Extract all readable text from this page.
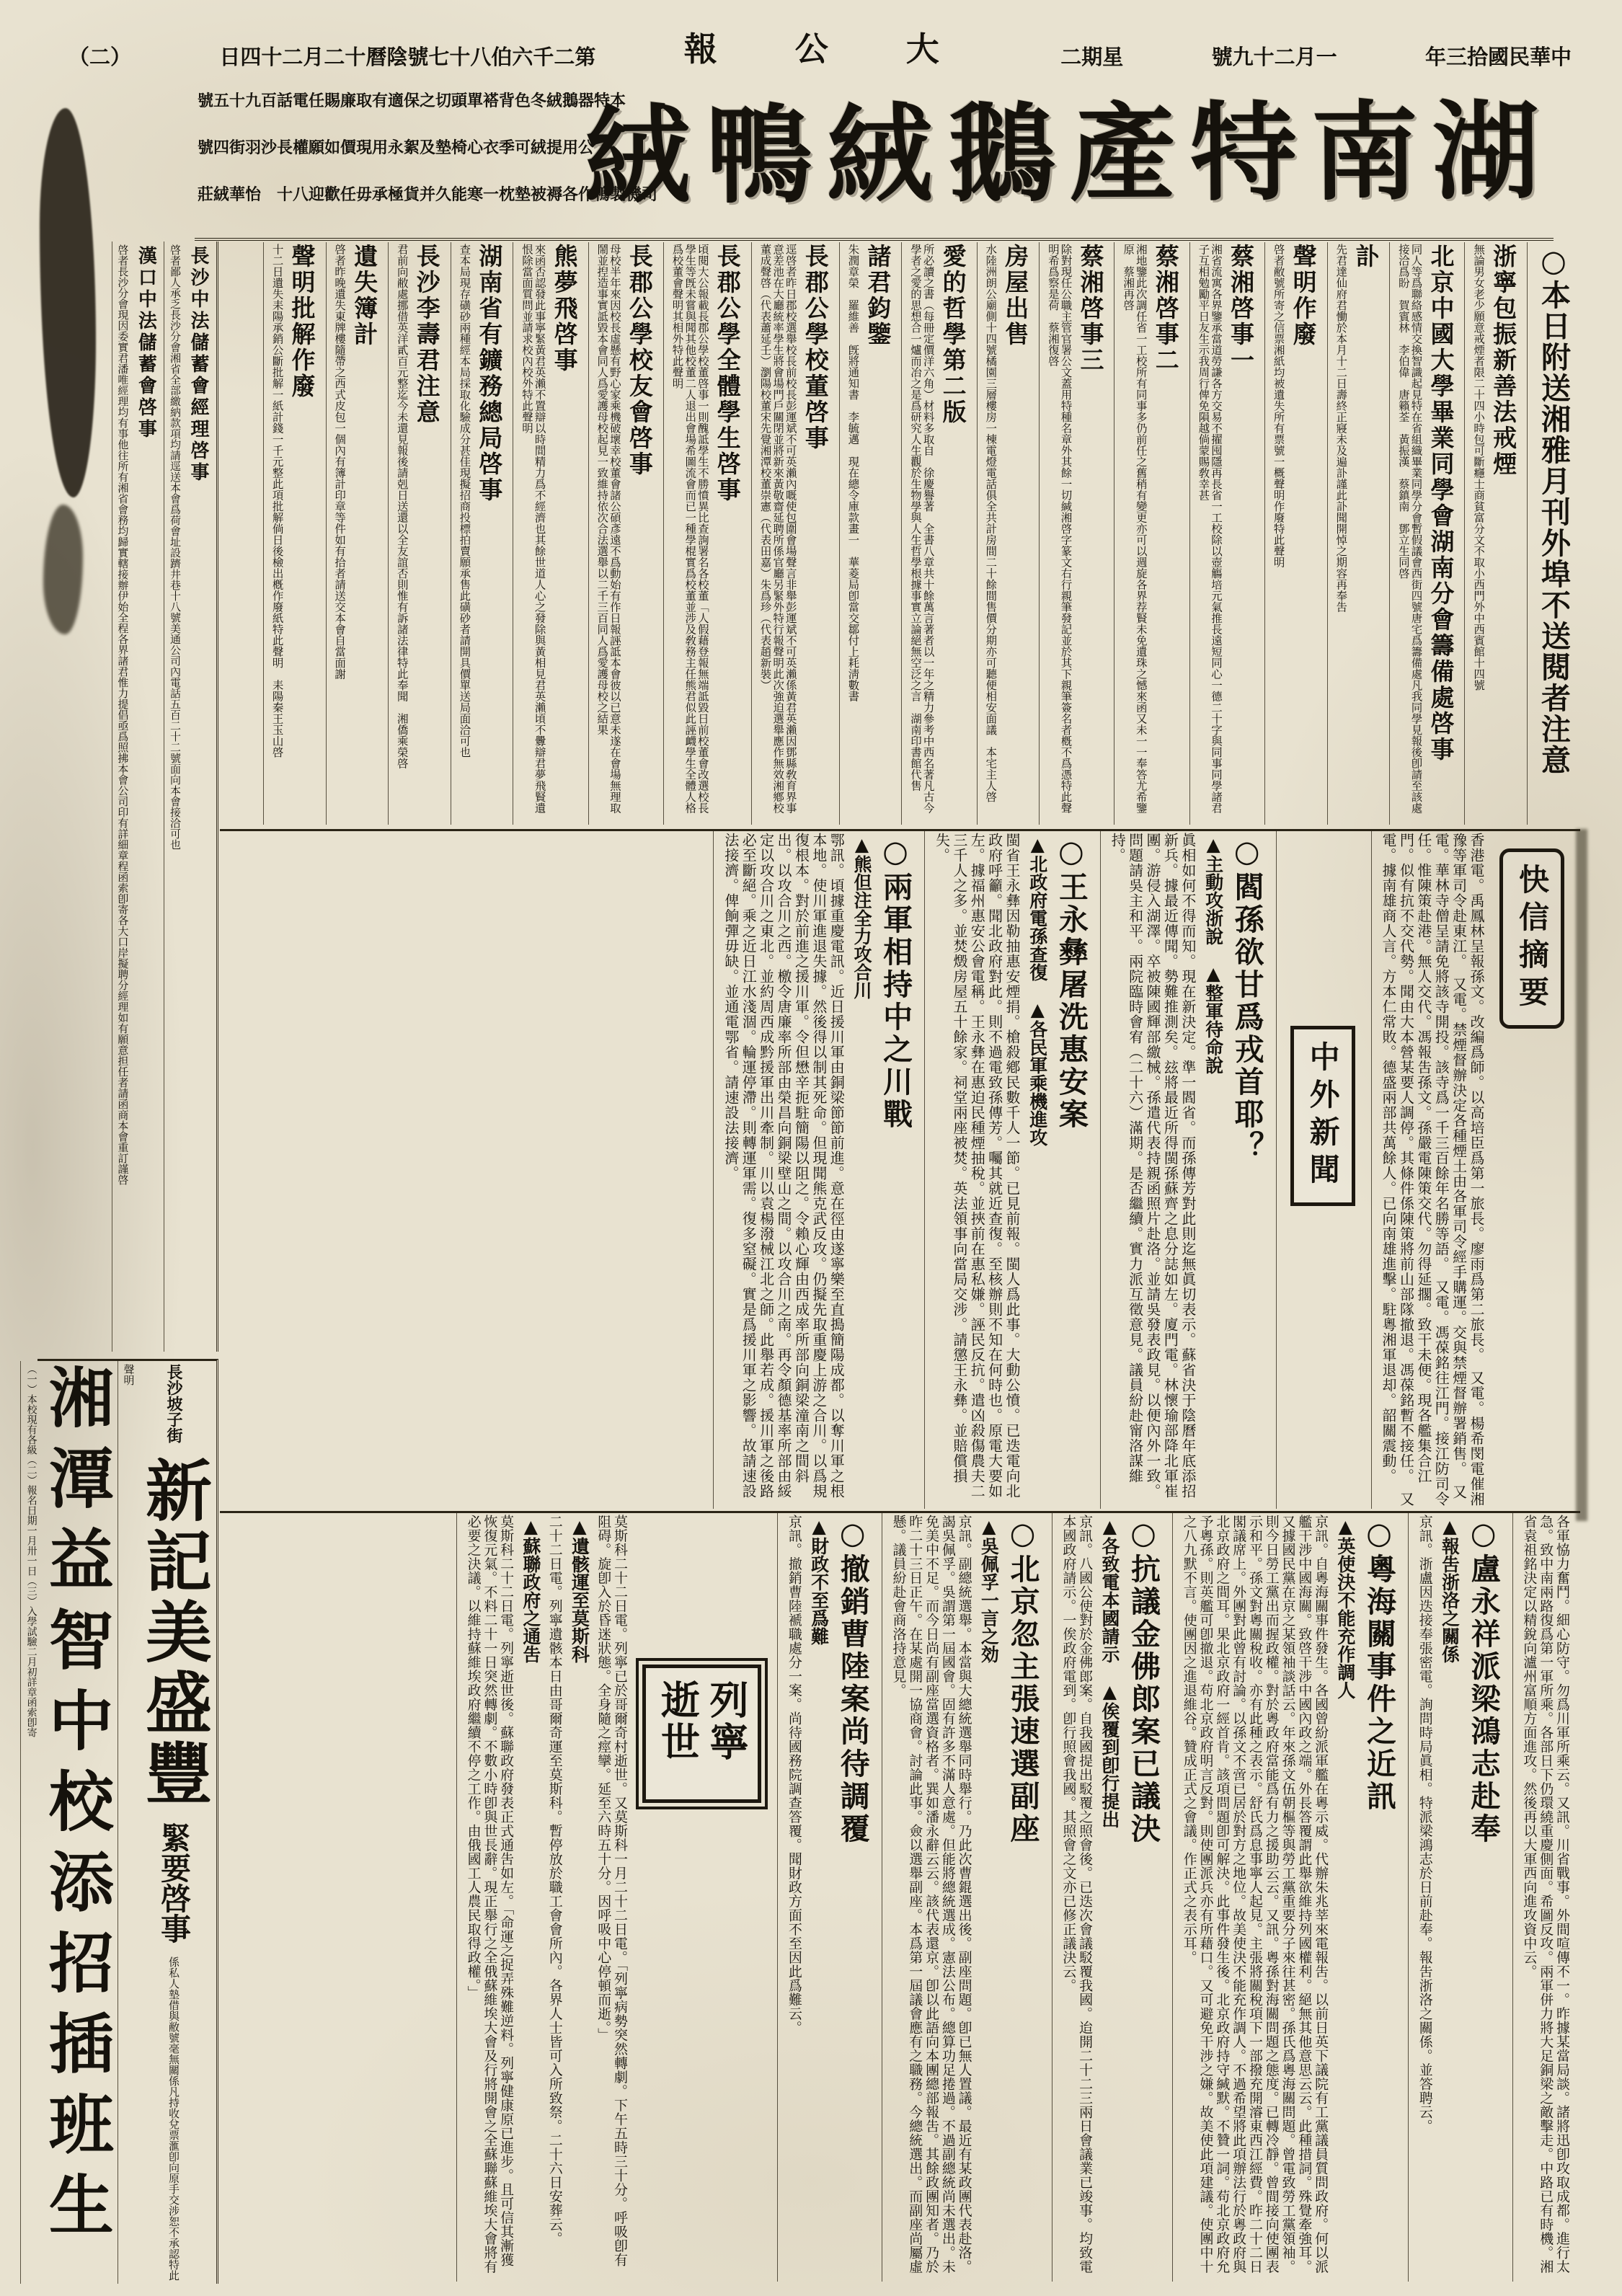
（二）	日四十二月二十曆陰號七十八伯六千二第	報 公 大	二期星	號九十二月一	年三拾國民華中
絨鴨絨鵝產特南湖
號五十九百話電任賜廉取有適保之切頭單褡背色冬絨鵝器特本
號四街羽沙長權願如價現用永絮及墊椅心衣季可絨提用公
莊絨華怡　十八迎歡任毋承極貨并久能寒一枕墊被褥各作鴨製機司
長沙中法儲蓄會經理啓事

啓者鄙人承乏長沙分會湘省全部繳納款項均請逕送本會爲荷會址設躋井巷十八號美通公司內電話五百二十二號面向本會接洽可也

漢口中法儲蓄會啓事

啓者長沙分會現因委實君潘唯經理均有事他往所有湘省會務均歸實轄接辦伊始全程各界諸君惟力提倡亟爲照拂本會公司印有詳細章程函索卽寄各大口岸擬聘分經理如有願意担任者請函商本會重訂謹啓

長沙坡子街 新記美盛豐 緊要啓事 係私人墊借與敝號毫無關係凡持收兌票滙卽向原手交涉恕不承認特此聲明

湘潭益智中校添招插班生 （一）本校現有各級（二）報名日期一月卅一日（三）入學試驗二月初詳章函索卽寄

○本日附送湘雅月刊外埠不送閱者注意
浙寧包振新善法戒煙

無論男女老少願意戒煙者限二十四小時包可斷癮士商貧富分文不取小西門外中西賓館十四號

北京中國大學畢業同學會湖南分會籌備處啓事

同人等爲聯絡感情交換智識起見特在省組織畢業同學分會暫假議會西街四號唐宅爲籌備處凡我同學見報後卽請至該處接洽爲盼　賀賓林　李伯偉　唐籟荃　黃振漢　蔡鎮南　鄧立生同啓

訃

先君達仙府君慟於本月十二日壽終正寢未及遍訃謹此訃聞開悼之期容再奉吿

聲明作廢

啓者敝號所寄之信票湘紙均被遺失所有票號一概聲明作廢特此聲明

蔡湘啓事一

湘省流寓各界鑒承當道勞謙各方交易不擢囤隱再長省一工校除以壺觴培元氣推長遠短同心一德二十字與同事同學諸君子互相勉勵平日友生示我周行俾免隕越倘蒙賜敎幸甚

蔡湘啓事二

湘地鑒此次調任省一工校所有同事多仍前任之舊稍有變更亦可以週旋各界荐賢未免遺珠之憾來函又未一一奉答尤希鑒原　蔡湘再啓

蔡湘啓事三

除對現任公職主管官署公文蓋用特種名章外其餘一切緘湘啓字篆文右行親筆發記並於其下親筆簽名者槪不爲憑特此聲明希爲察是荷　蔡湘復啓

房屋出售

水陸洲朗公廟側十四號橘園三層樓房一棟電燈電話俱全共計房間二十餘間售價分期亦可聽便相安面議　本宅主人啓

愛的哲學第二版

所必讀之書（每冊定價洋六角）材料多取自　徐慶譽著　全書八章共十餘萬言著者以一年之精力參考中西名著凡古今學者之愛的思想合一爐而冶之是爲研究人生觀於生物學與人生哲學根據事實立論絕無空泛之言　湖南印書館代售

諸君鈞鑒

朱潤章榮　羅維善　旣將通知書　李毓邁　現在總令庫款畫一　華菱局卽當交鄒付上耗淸數書

長郡公學校董啓事

逕啓者昨日郡校選舉校長前校長彭運斌不可英瀨內嘅使包圍會場聲言非舉彭運斌不可英瀨係黃君英瀨因鄧縣敎育界事意差池在大廳統率學生將會場門戶關閉並將新來黃敬齋延聘所係官廳另緊外特行報聲明此次強迫選舉應作無效湘鄕校董成聲啓（代表蕭延壬）瀏陽校董宋先覺湘潭校董崇憲（代表田嘉）朱爲珍（代表趙新裝）

長郡公學全體學生啓事

頃閱大公報載長郡公學校董啓事一則醜詆學生不勝憤異比查詢署名各校董「人假藉登報無端詆毀日前校董會改選校長學生等旣未嘗與聞其他校董二人退出會場希圖流會而已一種學棍實爲校董並涉及敎務主任熊君似此誣衊學生全體人格爲校董會聲明其相外特此聲明

長郡公學校友會啓事

母校半年來因校長虛懸有野心家乘機破壞幸校董會諸公碩彥遠不爲動始有作日報誣詆本會彼以已意未遂在會場無理取鬧並揑造事實詆毀本會同人爲愛護母校起見一致維持依次合法選舉以二千三百同人爲愛護母校之結果

熊夢飛啓事

來函否認發此事寧緊黃君英瀨不置辯以時間精力爲不經濟也其餘世道人心之發除與黃相見君英瀨頃不釁辯君夢飛賢遺恨除當面質問並請求校內校外特此聲明

湖南省有鑛務總局啓事

查本局現存磺砂兩種經本局採取化驗成分甚佳現擬招商投標拍賣願承售此磺砂者請開具價單送局面洽可也

長沙李壽君注意

君前向敝處挪借英洋貳百元整迄今未還見報後請剋日送還以全友誼否則惟有訴諸法律特此奉聞　湘僑乘榮啓

遺失簿計

啓者昨晚遺失東牌樓隨帶之西式皮包一個內有簿計印章等件如有拾者請送交本會自當面謝

聲明批解作廢

十二日遺失耒陽承銷公斷批解一紙計錢一千元整此項批解倘日後檢出槪作廢紙特此聲明　耒陽秦王玉山啓

快信摘要

香港電。禹鳳林呈報孫文。改編爲師。以高培臣爲第一旅長。廖雨爲第二旅長。　又電。楊希閔電催湘豫等軍司令赴東江。　又電。禁煙督辦決定各種煙土由各軍司令經手購運。交與禁煙督辦署銷售。　又電。華林寺僧呈請免將該寺開投。該寺爲一千三百餘年名勝等語。　又電。馮葆銘往江門。接江防司令任。惟陳策赴港。無人交代。馮報吿孫文。孫嚴電陳策交代。勿得延擱。致干未便。現各艦集合江門。似有抗不交代勢。聞由大本營某要人調停。其條件係陳策將前山部隊撤退。馮葆銘暫不接任。　又電。據南雄商人言。方本仁常敗。德盛兩部共萬餘人。已向南雄進擊。駐粵湘軍退却。韶關震動。

中外新聞
○閻孫欲甘爲戎首耶？

▲主動攻浙說　▲整軍待命說

眞相如何不得而知。現在新決定。準一閻省。而孫傳芳對此則迄無眞切表示。蘇省決于陰曆年底添招新兵。據最近傳聞。勢難推測矣。玆將最近所得閩孫蘇齊之息分誌如左。廈門電。林懷瑜部降北軍崔團。游侵入湖澤。卒被陳國輝部繳械。孫遣代表持親函照片赴洛。並請吳發表政見。以便內外一致。問題請吳主和平。兩院臨時會宥（二十六）滿期。是否繼續。實力派互徵意見。議員紛赴甯洛謀維持。

○王永彝屠洗惠安案

▲北政府電孫查復　▲各民軍乘機進攻

閩省王永彝因勒抽惠安煙捐。槍殺鄕民數千人一節。已見前報。閩人爲此事。大動公憤。已迭電向北政府呼籲。聞北政府對此。則不過電致孫傳芳。囑其就近查復。至核辦則不知在何時也。原電大要如左。據福州惠安公會電稱。王永彝在惠迫民種煙抽稅。並挾前在惠私嫌。誣民反抗。遣凶殺傷農夫二三千人之多。並焚燬房屋五十餘家。祠堂兩座被焚。英法領事向當局交涉。請懲王永彝。並賠償損失。

○兩軍相持中之川戰

▲熊但注全力攻合川

鄂訊。頃據重慶電訊。近日援川軍由銅梁節節前進。意在徑由遂寧樂至直搗簡陽成都。以奪川軍之根本地。使川軍進退失據。然後得以制其死命。但現聞熊克武反攻。仍擬先取重慶上游之合川。以爲規復根本。對於前進之援川軍。令但懋辛扼駐簡陽以阻之。令賴心輝由西成率所部向銅梁潼南之間斜出。以攻合川之西。檄令唐廉率所部由榮昌向銅梁壁山之間。以攻合川之南。再令顏德基率所部由綏定以攻合川之東北。並約周西成黔援軍出川牽制。川以袁楊潑械江北之師。此舉若成。援川軍之後路必至斷絕。乘之近日江水淺涸。輪運停滯。則轉運軍需。復多窒礙。實是爲援川軍之影響。故請速設法接濟。俾餉彈毋缺。並通電鄂省。請速設法接濟。

各軍恊力奮鬥。細心防守。勿爲川軍所乘云。又訊。川省戰事。外間喧傳不一。昨據某當局談。諸將迅卽攻取成都。進行太急。致中南兩路復爲第一軍所乘。各部日下仍環繞重慶側面。希圖反攻。兩軍併力將大足銅梁之敵擊走。中路已有時機。湘省袁祖銘決定以精銳向瀘州富順方面進攻。然後再以大軍西向進攻資中云。

○盧永祥派梁鴻志赴奉

▲報吿浙洛之關係

京訊。浙盧因迭接奉張密電。詢問時局眞相。特派梁鴻志於日前赴奉。報吿浙洛之關係。並答聘云。

○粵海關事件之近訊

▲英使決不能充作調人

京訊。自粵海關事件發生。各國曾紛派軍艦在粵示威。代辦朱兆莘來電報吿。以前日英下議院有工黨議員質問政府。何以派艦干涉中國海關。致啓干涉中國內政之端。外長答覆謂此舉欲維持列國權利。絕無其他意思云云。此種措詞。殊覺牽強耳。又據國民黨在京之某領袖談話云。年來孫文伍朝樞等與勞工黨重要分子來往甚密。孫氏爲粵海關問題。曾電致勞工黨領袖。則今日勞工黨出而握政權。對於粵政府當能爲有力之援助云云。又訊。粵孫對海關問題之態度。已轉冷靜。曾間接向使團表示和平。孫文對粵關稅收。亦有此種之表示。舒氏爲息事寧人起見。主張將關稅項下一部撥充開濬東西江經費。昨二十二日閣議席上。外團對此曾有討論。以孫文不啻已居於對方之地位。故美使決不能充作調人。不過希望將此項辦法行於粵政府與北京政府之間耳。果北京政府一經首肯。該項問題卽可解決。此事件發生後。北京政府持守緘默。不贊一詞。苟北京政府允予粵孫。則英艦可卽撤退。苟北京政府明言反對。則使團派兵亦有所藉口。又可避免干涉之嫌。故美使此項建議。使團中十之八九默不言。使團因之進退維谷。贊成正式之會議。作正式之表示耳。

○抗議金佛郎案已議決

▲各致電本國請示　▲俟覆到卽行提出

京訊。八國公使對於金佛郎案。自我國提出駁覆之照會後。已迭次會議駁覆我國。迨開二十二三兩日會議業已竣事。均致電本國政府請示。一俟政府電到。卽行照會我國。其照會之文亦已修正議決云。

○北京忽主張速選副座

▲吳佩孚一言之効

京訊。副總統選舉。本當與大總統選舉同時舉行。乃此次曹錕選出後。副座問題。卽已無人置議。最近有某政團代表赴洛。謁吳佩孚。吳謂第一屆國會。固有許多不滿人意處。但能將總統選成。憲法公布。總算功足捲過。不過副總統尚未選出。未免美中不足。而今日尚有副座當選資格者。巽如潘永辭云云。該代表還京。卽以此語向本團總部報吿。其餘政團知者。乃於昨二十三日正午。在某處開一協商會。討論此事。僉以選舉副座。本爲第一屆議會應有之職務。今總統選出。而副座尚屬虛懸。議員紛赴會商洛持意見。

○撤銷曹陸案尚待調覆

▲財政不至爲難

京訊。撤銷曹陸褫職處分一案。尚待國務院調查答覆。聞財政方面不至因此爲難云。

列寧逝世

莫斯科二十二日電。列寧已於哥爾奇村逝世。又莫斯科一月二十二日電。「列寧病勢突然轉劇。下午五時三十分。呼吸卽有阻碍。旋卽入於昏迷狀態。全身隨之痙攣。延至六時五十分。因呼吸中心停頓而逝。」

▲遺骸運至莫斯科

二十二日電。列寧遺骸本日由哥爾奇運至莫斯科。暫停放於職工會會所內。各界人士皆可入所致祭。二十六日安葬云。

▲蘇聯政府之通吿

莫斯科二十二日電。列寧逝世後。蘇聯政府發表正式通吿如左。「命運之捉弄殊難逆料。列寧健康原已進步。且可信其漸獲恢復元氣。不料二十一日突然轉劇。不數小時卽與世長辭。現正舉行之全俄蘇維埃大會及行將開會之全蘇聯蘇維埃大會將有必要之決議。以維持蘇維埃政府繼續不停之工作。由俄國工人農民取得政權。」
